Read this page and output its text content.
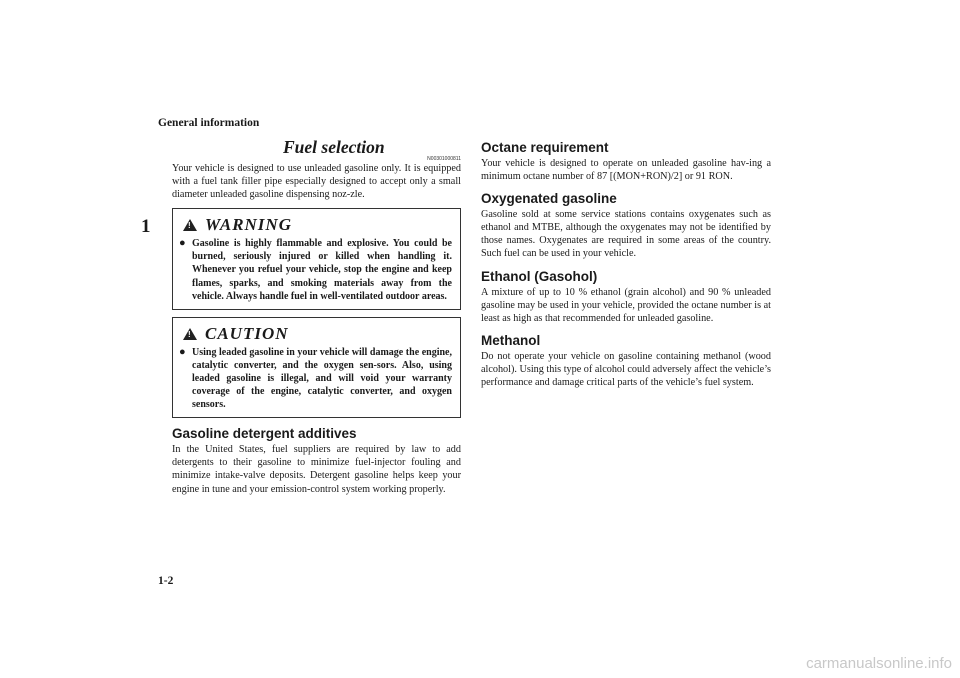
General information
1
Fuel selection
N00301000811

Your vehicle is designed to use unleaded gasoline only. It is equipped with a fuel tank filler pipe especially designed to accept only a small diameter unleaded gasoline dispensing noz-zle.

!
WARNING
● Gasoline is highly flammable and explosive. You could be burned, seriously injured or killed when handling it. Whenever you refuel your vehicle, stop the engine and keep flames, sparks, and smoking materials away from the vehicle. Always handle fuel in well-ventilated outdoor areas.
!
CAUTION
● Using leaded gasoline in your vehicle will damage the engine, catalytic converter, and the oxygen sen-sors. Also, using leaded gasoline is illegal, and will void your warranty coverage of the engine, catalytic converter, and oxygen sensors.
Gasoline detergent additives

In the United States, fuel suppliers are required by law to add detergents to their gasoline to minimize fuel-injector fouling and minimize intake-valve deposits. Detergent gasoline helps keep your engine in tune and your emission-control system working properly.

Octane requirement

Your vehicle is designed to operate on unleaded gasoline hav-ing a minimum octane number of 87 [(MON+RON)/2] or 91 RON.

Oxygenated gasoline

Gasoline sold at some service stations contains oxygenates such as ethanol and MTBE, although the oxygenates may not be identified by those names. Oxygenates are required in some areas of the country. Such fuel can be used in your vehicle.

Ethanol (Gasohol)

A mixture of up to 10 % ethanol (grain alcohol) and 90 % unleaded gasoline may be used in your vehicle, provided the octane number is at least as high as that recommended for unleaded gasoline.

Methanol

Do not operate your vehicle on gasoline containing methanol (wood alcohol). Using this type of alcohol could adversely affect the vehicle’s performance and damage critical parts of the vehicle’s fuel system.

1-2
carmanualsonline.info
